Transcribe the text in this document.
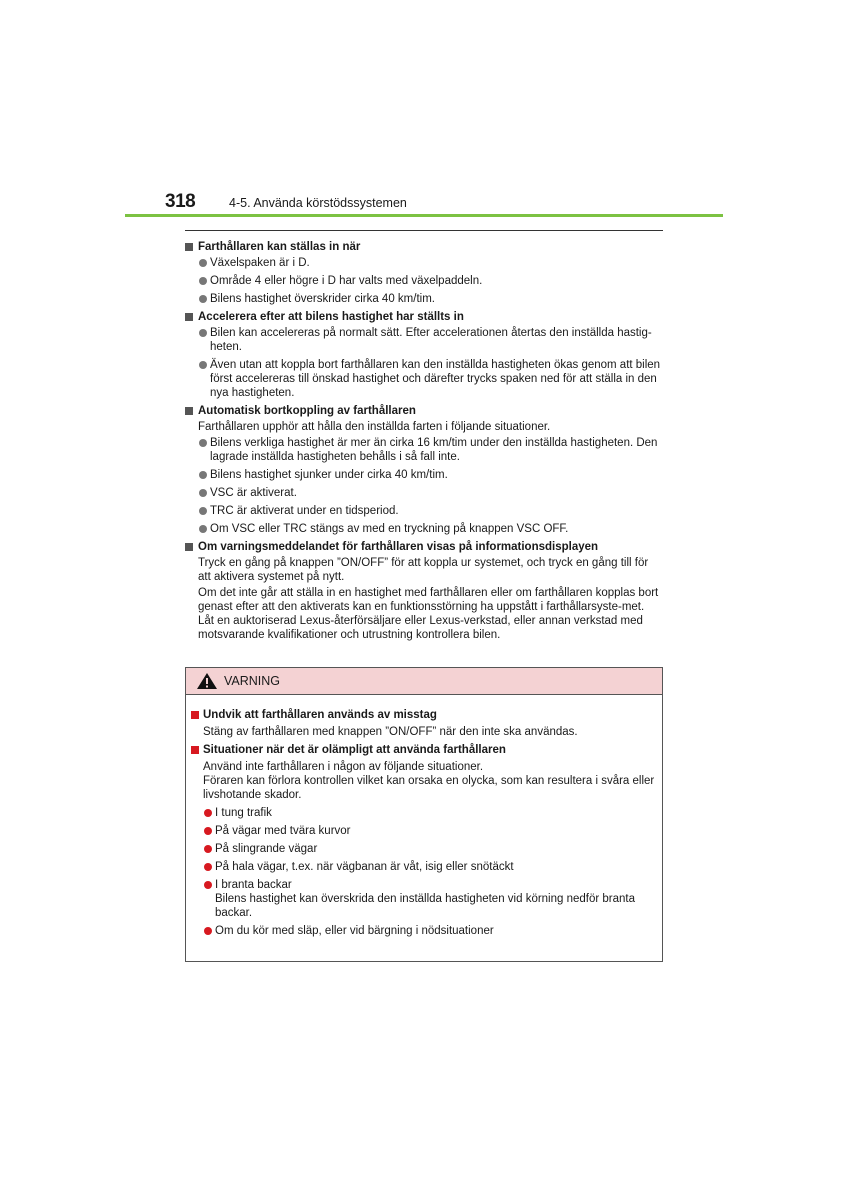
318	4-5. Använda körstödssystemen
Farthållaren kan ställas in när
Växelspaken är i D.
Område 4 eller högre i D har valts med växelpaddeln.
Bilens hastighet överskrider cirka 40 km/tim.
Accelerera efter att bilens hastighet har ställts in
Bilen kan accelereras på normalt sätt. Efter accelerationen återtas den inställda hastig-heten.
Även utan att koppla bort farthållaren kan den inställda hastigheten ökas genom att bilen först accelereras till önskad hastighet och därefter trycks spaken ned för att ställa in den nya hastigheten.
Automatisk bortkoppling av farthållaren
Farthållaren upphör att hålla den inställda farten i följande situationer.
Bilens verkliga hastighet är mer än cirka 16 km/tim under den inställda hastigheten. Den lagrade inställda hastigheten behålls i så fall inte.
Bilens hastighet sjunker under cirka 40 km/tim.
VSC är aktiverat.
TRC är aktiverat under en tidsperiod.
Om VSC eller TRC stängs av med en tryckning på knappen VSC OFF.
Om varningsmeddelandet för farthållaren visas på informationsdisplayen
Tryck en gång på knappen ”ON/OFF” för att koppla ur systemet, och tryck en gång till för att aktivera systemet på nytt.
Om det inte går att ställa in en hastighet med farthållaren eller om farthållaren kopplas bort genast efter att den aktiverats kan en funktionsstörning ha uppstått i farthållarsyste-met. Låt en auktoriserad Lexus-återförsäljare eller Lexus-verkstad, eller annan verkstad med motsvarande kvalifikationer och utrustning kontrollera bilen.
VARNING
Undvik att farthållaren används av misstag
Stäng av farthållaren med knappen ”ON/OFF” när den inte ska användas.
Situationer när det är olämpligt att använda farthållaren
Använd inte farthållaren i någon av följande situationer.
Föraren kan förlora kontrollen vilket kan orsaka en olycka, som kan resultera i svåra eller livshotande skador.
I tung trafik
På vägar med tvära kurvor
På slingrande vägar
På hala vägar, t.ex. när vägbanan är våt, isig eller snötäckt
I branta backar
Bilens hastighet kan överskrida den inställda hastigheten vid körning nedför branta backar.
Om du kör med släp, eller vid bärgning i nödsituationer
